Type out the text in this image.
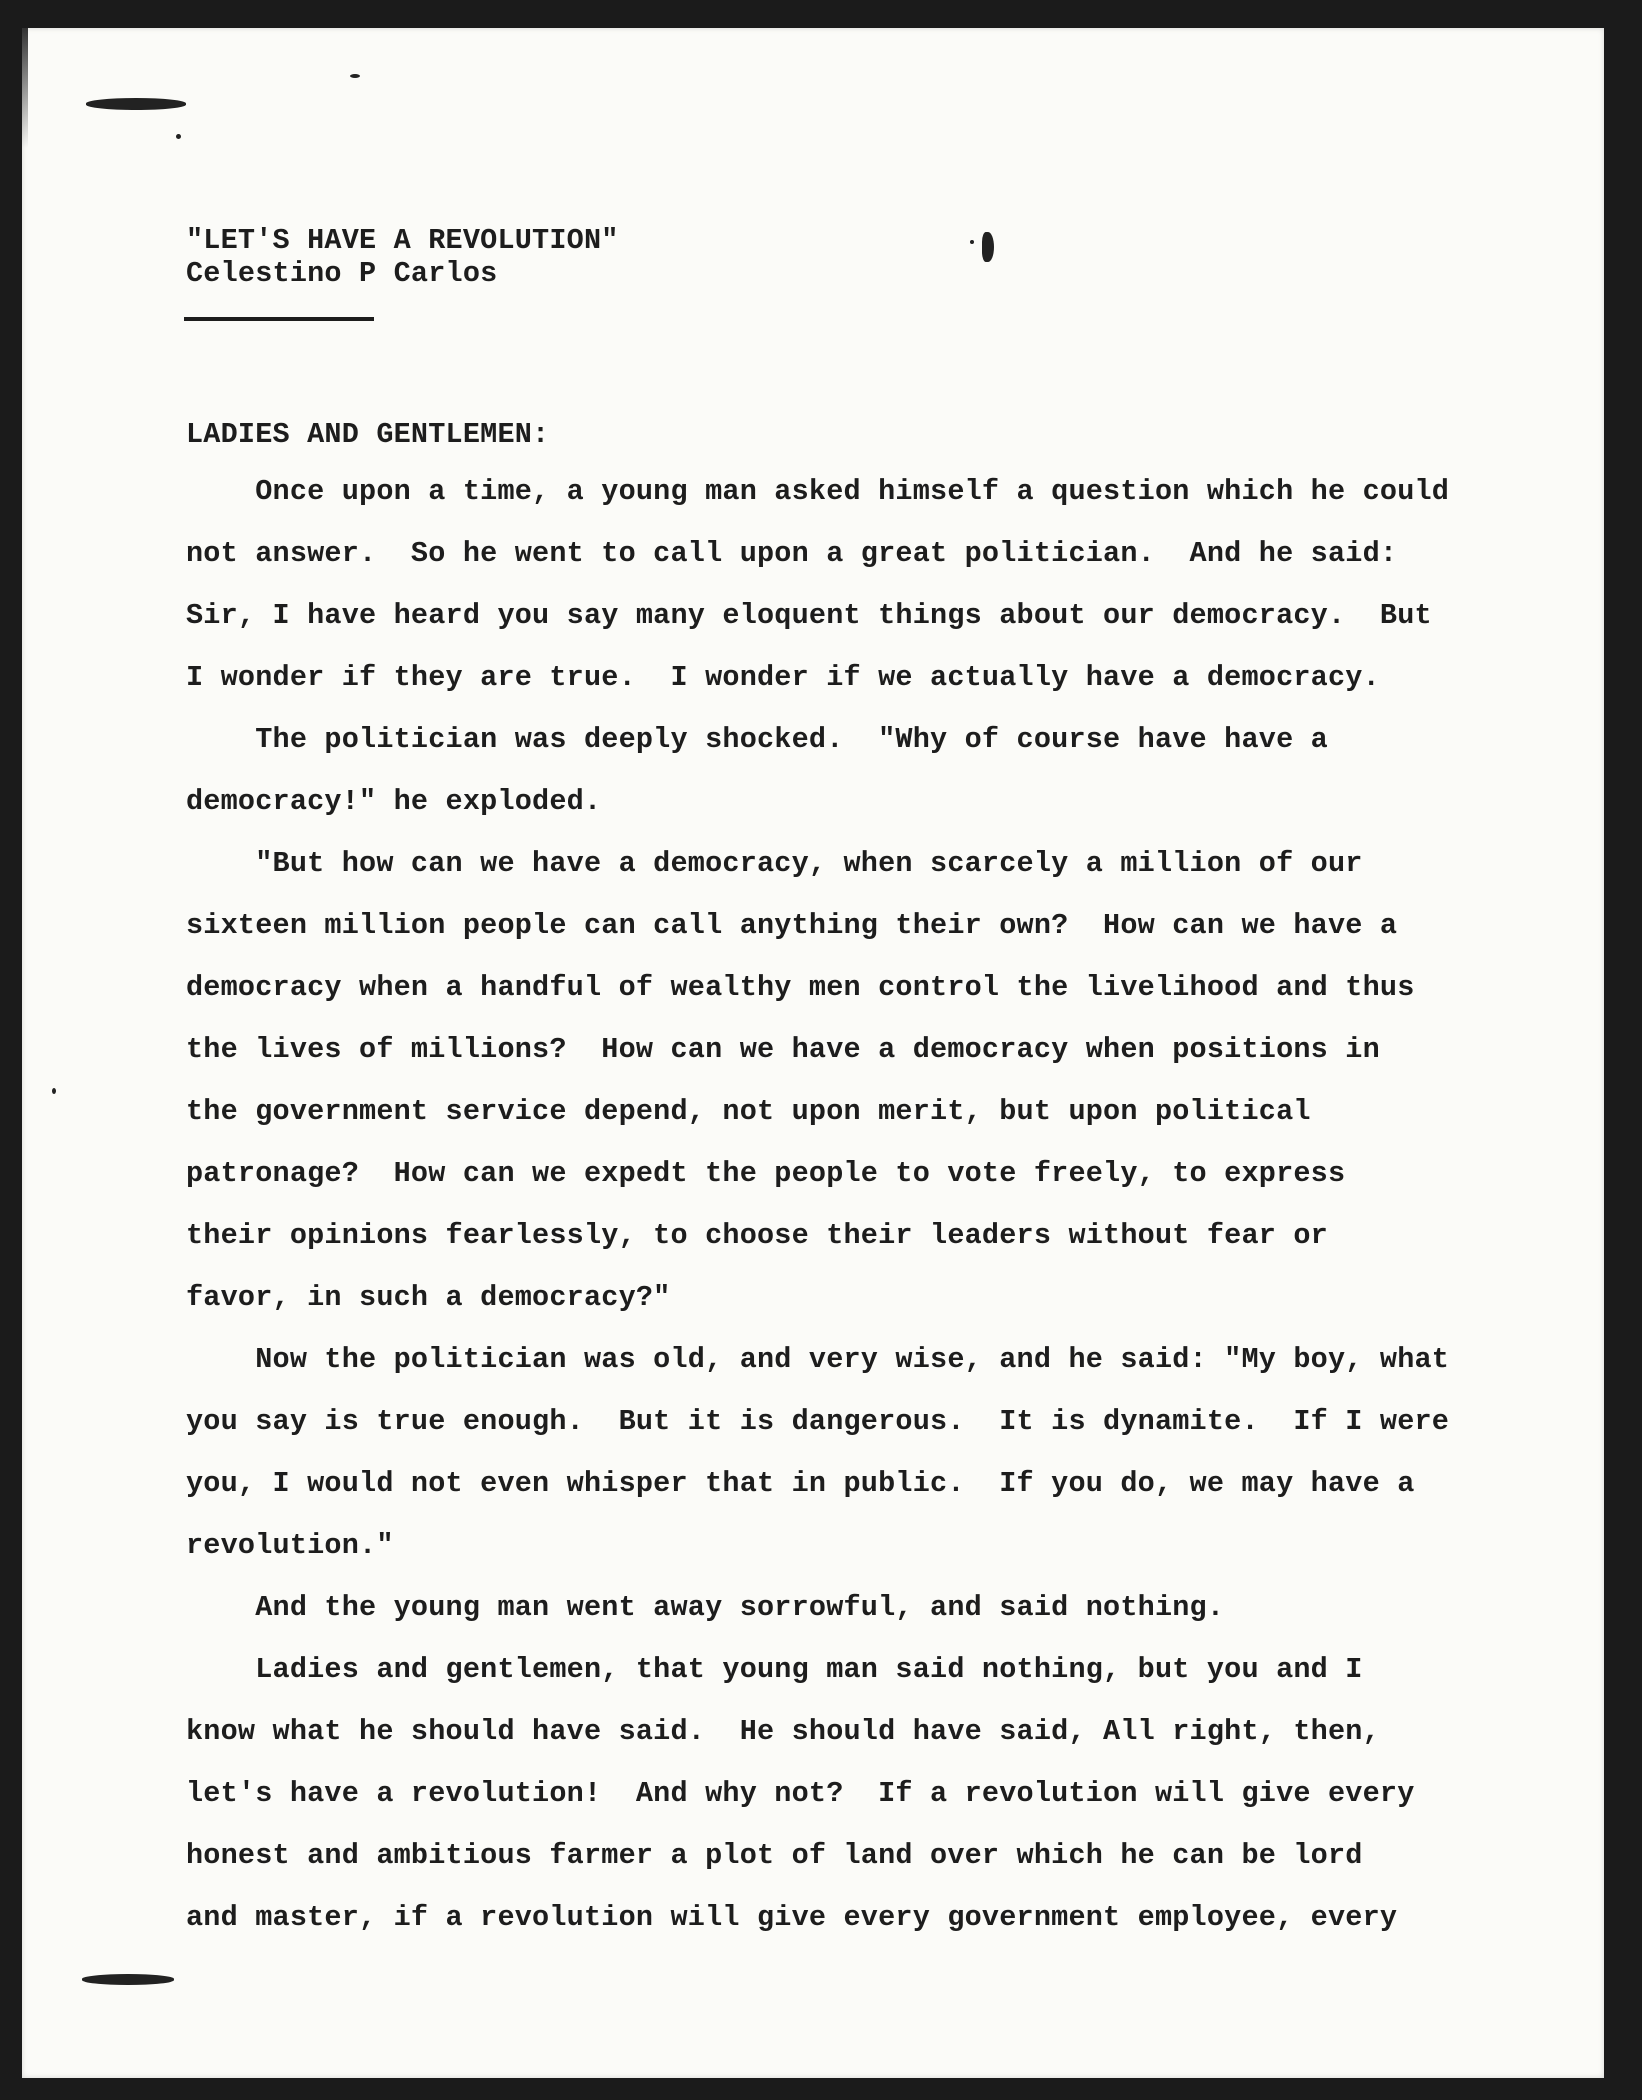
"LET'S HAVE A REVOLUTION"

Celestino P Carlos

LADIES AND GENTLEMEN:

Once upon a time, a young man asked himself a question which he could

not answer.  So he went to call upon a great politician.  And he said:

Sir, I have heard you say many eloquent things about our democracy.  But

I wonder if they are true.  I wonder if we actually have a democracy.

The politician was deeply shocked.  "Why of course have have a

democracy!" he exploded.

"But how can we have a democracy, when scarcely a million of our

sixteen million people can call anything their own?  How can we have a

democracy when a handful of wealthy men control the livelihood and thus

the lives of millions?  How can we have a democracy when positions in

the government service depend, not upon merit, but upon political

patronage?  How can we expedt the people to vote freely, to express

their opinions fearlessly, to choose their leaders without fear or

favor, in such a democracy?"

Now the politician was old, and very wise, and he said: "My boy, what

you say is true enough.  But it is dangerous.  It is dynamite.  If I were

you, I would not even whisper that in public.  If you do, we may have a

revolution."

And the young man went away sorrowful, and said nothing.

Ladies and gentlemen, that young man said nothing, but you and I

know what he should have said.  He should have said, All right, then,

let's have a revolution!  And why not?  If a revolution will give every

honest and ambitious farmer a plot of land over which he can be lord

and master, if a revolution will give every government employee, every
